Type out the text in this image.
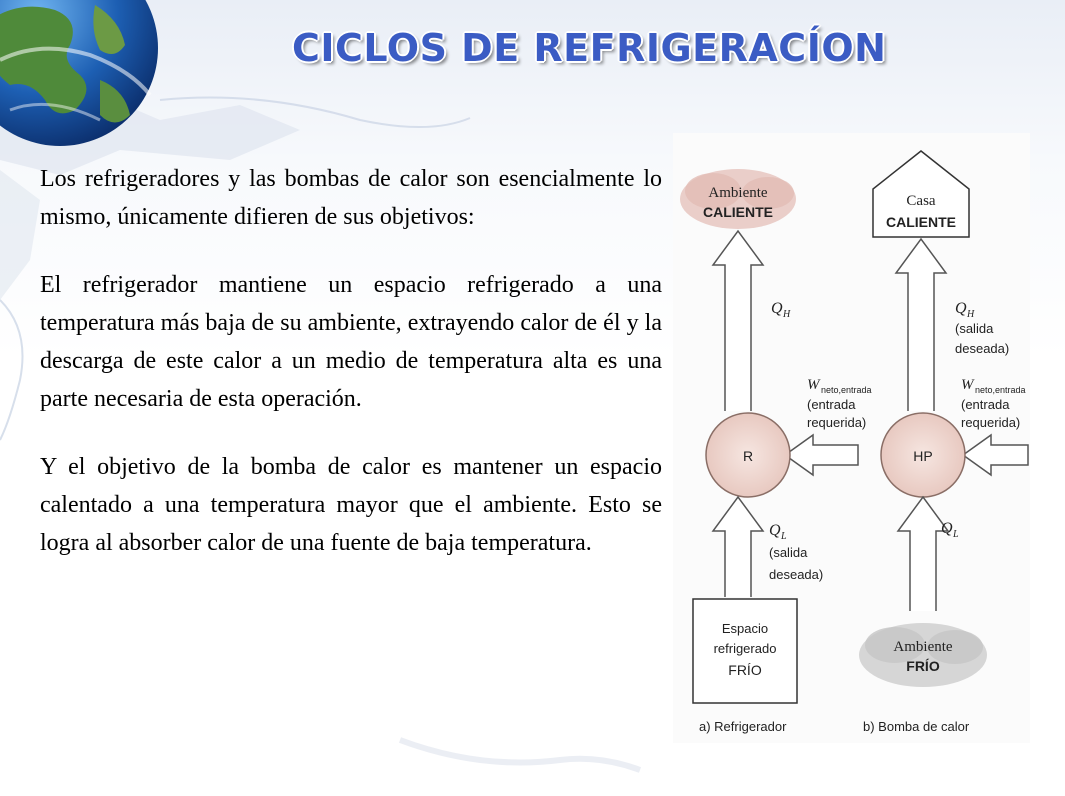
CICLOS DE REFRIGERACÍON

Los refrigeradores y las bombas de calor son esencialmente lo mismo, únicamente difieren de sus objetivos:

El refrigerador mantiene un espacio refrigerado a una temperatura más baja de su ambiente, extrayendo calor de él y la descarga de este calor a un medio de temperatura alta es una parte necesaria de esta operación.

Y el objetivo de la bomba de calor es mantener un espacio calentado a una temperatura mayor que el ambiente. Esto se logra al absorber calor de una fuente de baja temperatura.

Ambiente
CALIENTE
Q H
W neto,entrada
(entrada
requerida)
R
Q L
(salida
deseada)
Espacio
refrigerado
FRÍO
a) Refrigerador
Casa
CALIENTE
Q H
(salida
deseada)
W neto,entrada
(entrada
requerida)
HP
Q L
Ambiente
FRÍO
b) Bomba de calor
